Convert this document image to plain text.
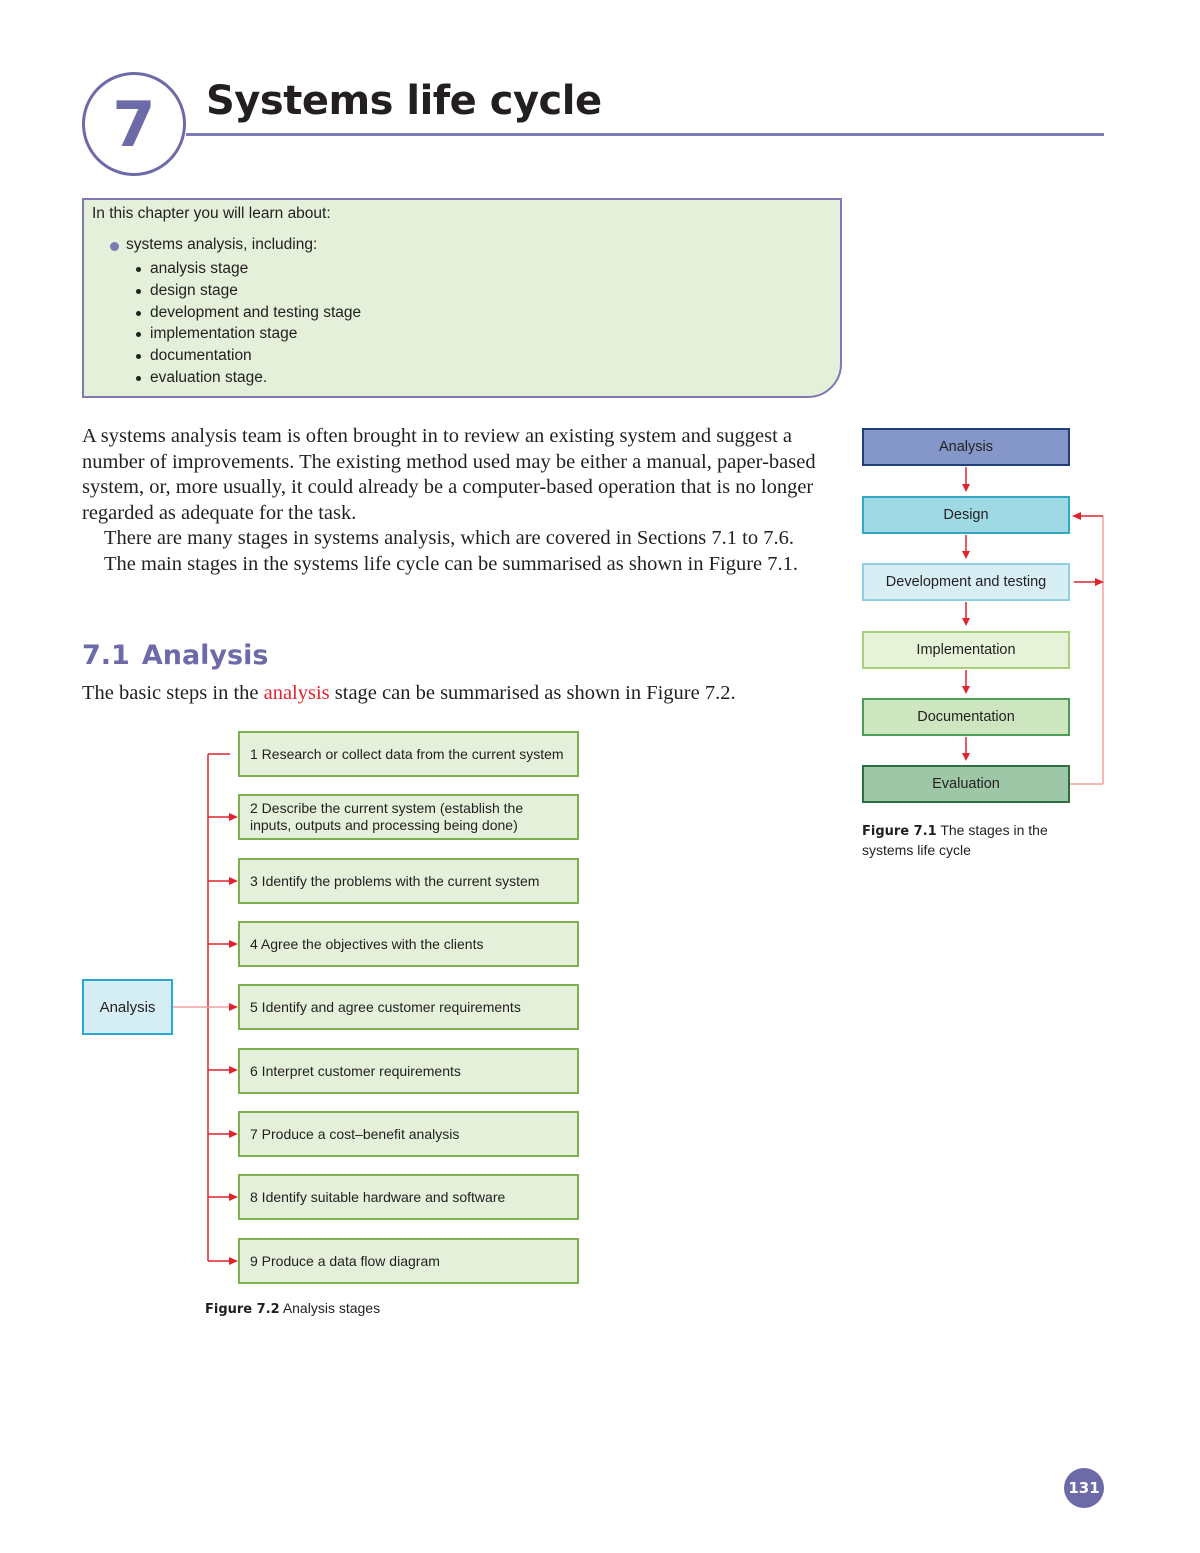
7	Systems life cycle

In this chapter you will learn about:

systems analysis, including:
analysis stage
design stage
development and testing stage
implementation stage
documentation
evaluation stage.

A systems analysis team is often brought in to review an existing system and suggest a number of improvements. The existing method used may be either a manual, paper-based system, or, more usually, it could already be a computer-based operation that is no longer regarded as adequate for the task.

There are many stages in systems analysis, which are covered in Sections 7.1 to 7.6.

The main stages in the systems life cycle can be summarised as shown in Figure 7.1.

7.1 Analysis
The basic steps in the analysis stage can be summarised as shown in Figure 7.2.
Analysis
Design
Development and testing
Implementation
Documentation
Evaluation
Figure 7.1 The stages in the systems life cycle
Analysis
1 Research or collect data from the current system
2 Describe the current system (establish the inputs, outputs and processing being done)
3 Identify the problems with the current system
4 Agree the objectives with the clients
5 Identify and agree customer requirements
6 Interpret customer requirements
7 Produce a cost–benefit analysis
8 Identify suitable hardware and software
9 Produce a data flow diagram
Figure 7.2 Analysis stages
131
